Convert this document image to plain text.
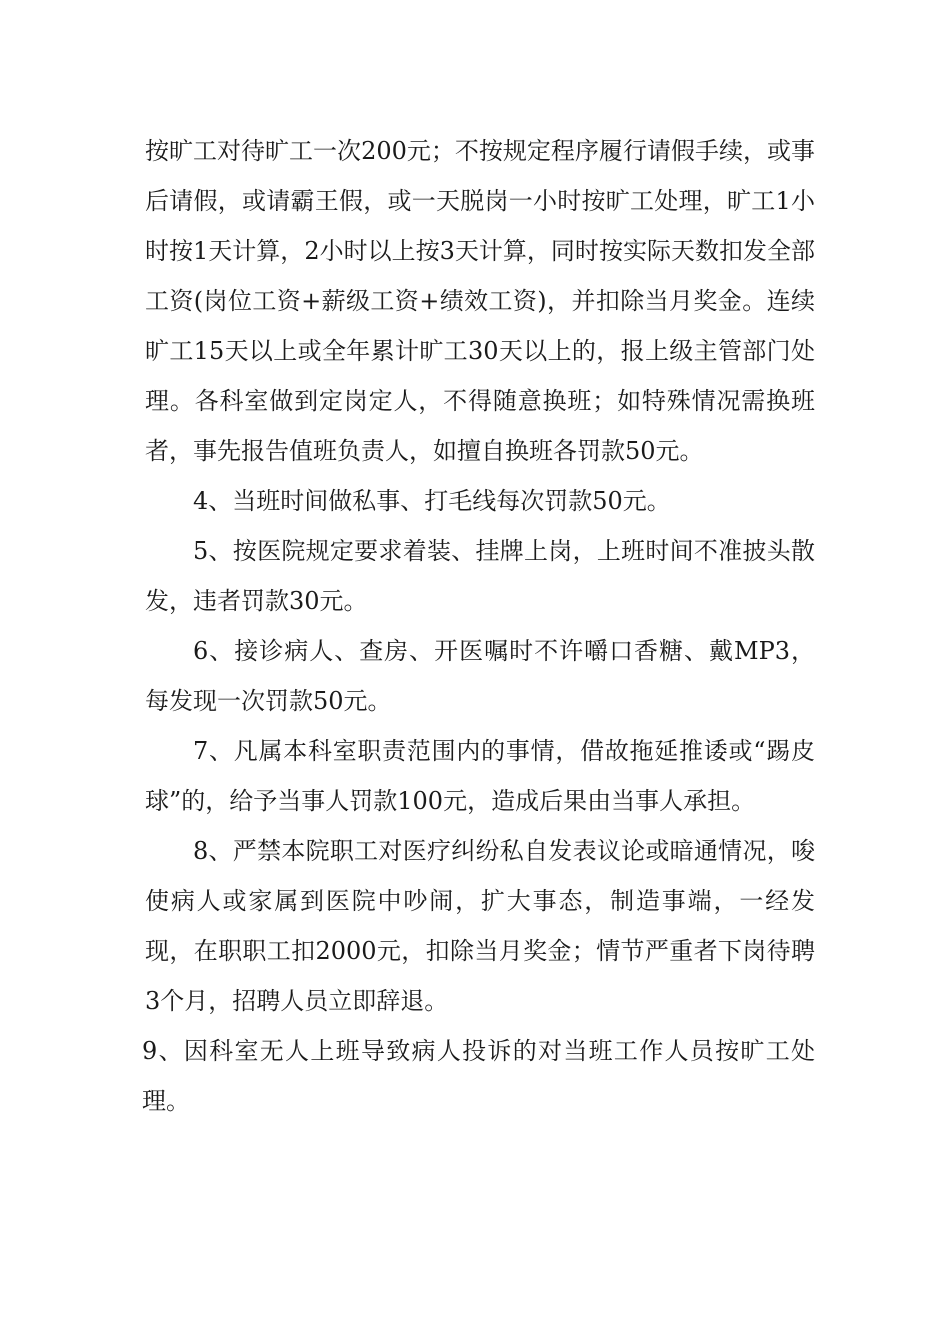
按旷工对待旷工一次200元；不按规定程序履行请假手续，或事后请假，或请霸王假，或一天脱岗一小时按旷工处理，旷工1小时按1天计算，2小时以上按3天计算，同时按实际天数扣发全部工资(岗位工资+薪级工资+绩效工资)，并扣除当月奖金。连续旷工15天以上或全年累计旷工30天以上的，报上级主管部门处理。各科室做到定岗定人，不得随意换班；如特殊情况需换班者，事先报告值班负责人，如擅自换班各罚款50元。

4、当班时间做私事、打毛线每次罚款50元。

5、按医院规定要求着装、挂牌上岗，上班时间不准披头散发，违者罚款30元。

6、接诊病人、查房、开医嘱时不许嚼口香糖、戴MP3，每发现一次罚款50元。

7、凡属本科室职责范围内的事情，借故拖延推诿或“踢皮球”的，给予当事人罚款100元，造成后果由当事人承担。

8、严禁本院职工对医疗纠纷私自发表议论或暗通情况，唆使病人或家属到医院中吵闹，扩大事态，制造事端，一经发现，在职职工扣2000元，扣除当月奖金；情节严重者下岗待聘3个月，招聘人员立即辞退。

9、因科室无人上班导致病人投诉的对当班工作人员按旷工处理。
